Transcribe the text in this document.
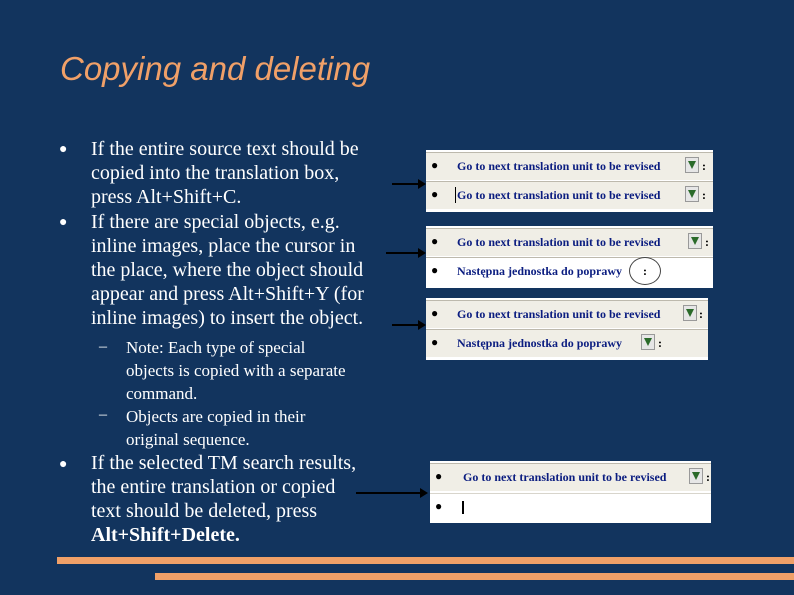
Copying and deleting
● If the entire source text should be
copied into the translation box,
press Alt+Shift+C.
● If there are special objects, e.g.
inline images, place the cursor in
the place, where the object should
appear and press Alt+Shift+Y (for
inline images) to insert the object.
– Note: Each type of special
objects is copied with a separate
command.
– Objects are copied in their
original sequence.
● If the selected TM search results,
the entire translation or copied
text should be deleted, press
Alt+Shift+Delete.
● Go to next translation unit to be revised	:
● Go to next translation unit to be revised	:
● Go to next translation unit to be revised	:
● Następna jednostka do poprawy :
● Go to next translation unit to be revised	:
● Następna jednostka do poprawy	:
● Go to next translation unit to be revised	:
●
